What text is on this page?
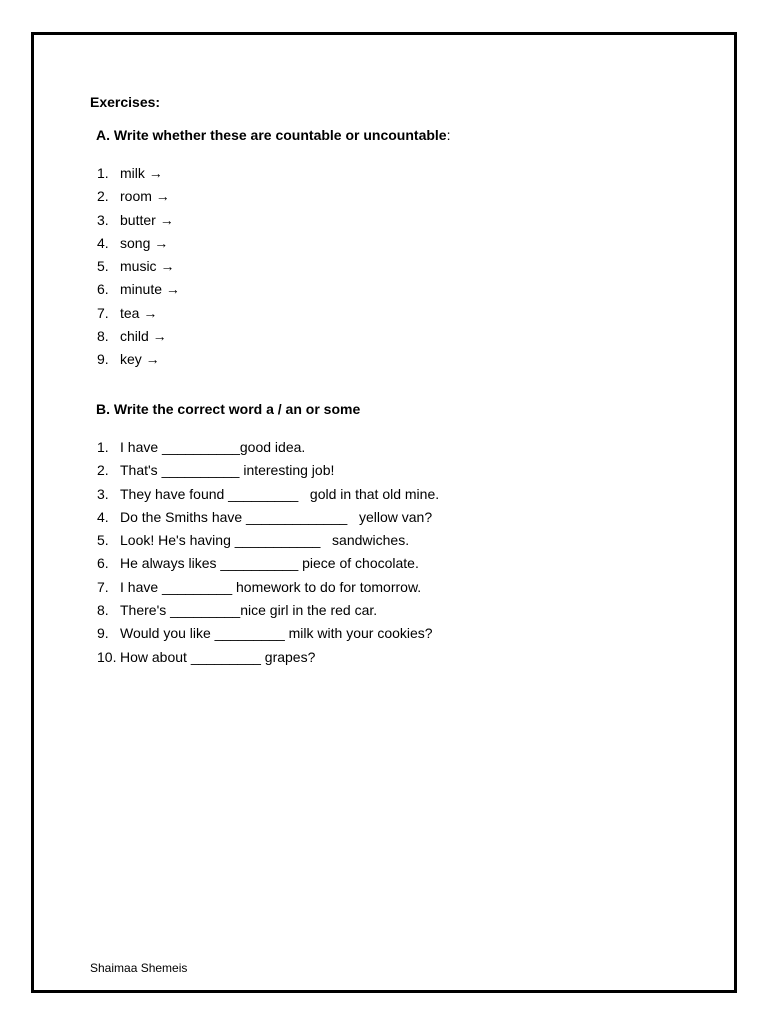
Exercises:
A. Write whether these are countable or uncountable:
1. milk →
2. room →
3. butter →
4. song →
5. music →
6. minute →
7. tea →
8. child →
9. key →
B. Write the correct word a / an or some
1. I have __________good idea.
2. That's __________ interesting job!
3. They have found _________   gold in that old mine.
4. Do the Smiths have _____________   yellow van?
5. Look! He's having ___________   sandwiches.
6. He always likes __________ piece of chocolate.
7. I have _________ homework to do for tomorrow.
8. There's _________nice girl in the red car.
9. Would you like _________ milk with your cookies?
10. How about _________ grapes?

Shaimaa Shemeis
